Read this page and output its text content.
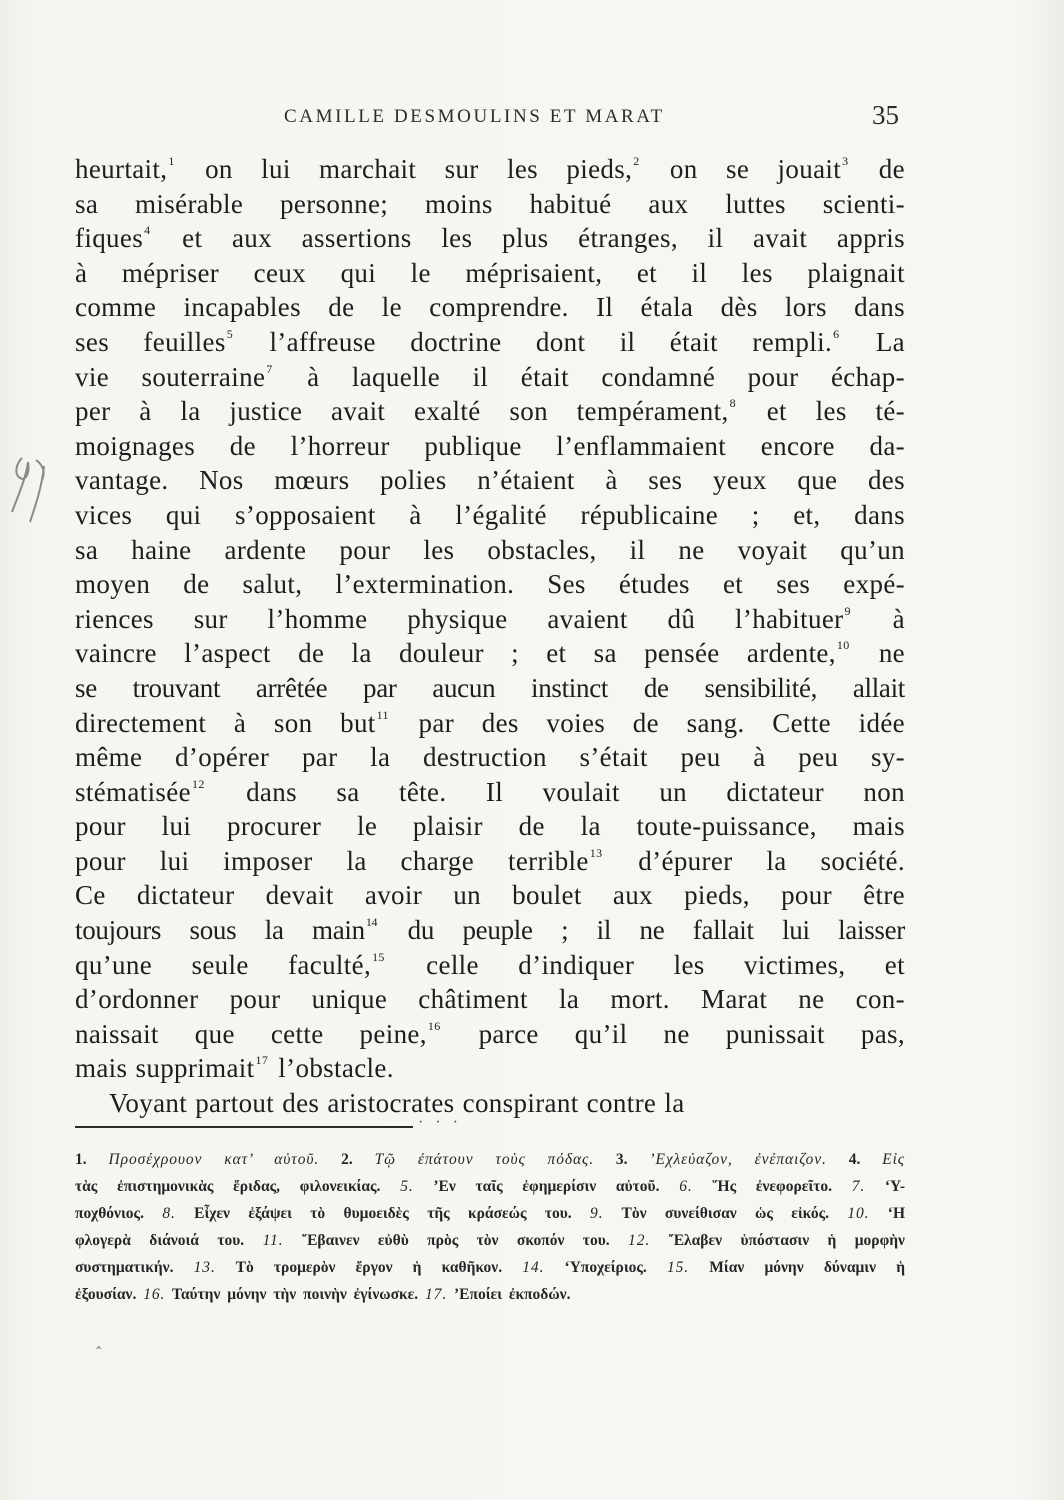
CAMILLE DESMOULINS ET MARAT	35
heurtait,$^1$ on lui marchait sur les pieds,$^2$ on se jouait$^3$ de
sa misérable personne; moins habitué aux luttes scienti-
fiques$^4$ et aux assertions les plus étranges, il avait appris
à mépriser ceux qui le méprisaient, et il les plaignait
comme incapables de le comprendre. Il étala dès lors dans
ses feuilles$^5$ l’affreuse doctrine dont il était rempli.$^6$ La
vie souterraine$^7$ à laquelle il était condamné pour échap-
per à la justice avait exalté son tempérament,$^8$ et les té-
moignages de l’horreur publique l’enflammaient encore da-
vantage. Nos mœurs polies n’étaient à ses yeux que des
vices qui s’opposaient à l’égalité républicaine ; et, dans
sa haine ardente pour les obstacles, il ne voyait qu’un
moyen de salut, l’extermination. Ses études et ses expé-
riences sur l’homme physique avaient dû l’habituer$^9$ à
vaincre l’aspect de la douleur ; et sa pensée ardente,$^{10}$ ne
se trouvant arrêtée par aucun instinct de sensibilité, allait
directement à son but$^{11}$ par des voies de sang. Cette idée
même d’opérer par la destruction s’était peu à peu sy-
stématisée$^{12}$ dans sa tête. Il voulait un dictateur non
pour lui procurer le plaisir de la toute-puissance, mais
pour lui imposer la charge terrible$^{13}$ d’épurer la société.
Ce dictateur devait avoir un boulet aux pieds, pour être
toujours sous la main$^{14}$ du peuple ; il ne fallait lui laisser
qu’une seule faculté,$^{15}$ celle d’indiquer les victimes, et
d’ordonner pour unique châtiment la mort. Marat ne con-
naissait que cette peine,$^{16}$ parce qu’il ne punissait pas,
mais supprimait$^{17}$ l’obstacle.
Voyant partout des aristocrates conspirant contre la
· · ·
1. Προσέχρουον κατ’ αὐτοῦ. 2. Τῷ ἐπάτουν τοὺς πόδας. 3. ’Εχλεύαζον, ἐνέπαιζον. 4. Εἰς
τὰς ἐπιστημονικὰς ἔριδας, φιλονεικίας. 5. ’Εν ταῖς ἐφημερίσιν αὐτοῦ. 6. ῞Ης ἐνεφορεῖτο. 7. ‘Υ-
ποχθόνιος. 8. Εἶχεν ἐξάψει τὸ θυμοειδὲς τῆς κράσεώς του. 9. Τὸν συνείθισαν ὡς εἰκός. 10. ‘Η
φλογερὰ διάνοιά του. 11. ῎Εβαινεν εὐθὺ πρὸς τὸν σκοπόν του. 12. ῎Ελαβεν ὑπόστασιν ἡ μορφὴν
συστηματικήν. 13. Τὸ τρομερὸν ἔργον ἡ καθῆκον. 14. ‘Υποχείριος. 15. Μίαν μόνην δύναμιν ἡ
ἐξουσίαν. 16. Ταύτην μόνην τὴν ποινὴν ἐγίνωσκε. 17. ’Εποίει ἐκποδών.
‸
